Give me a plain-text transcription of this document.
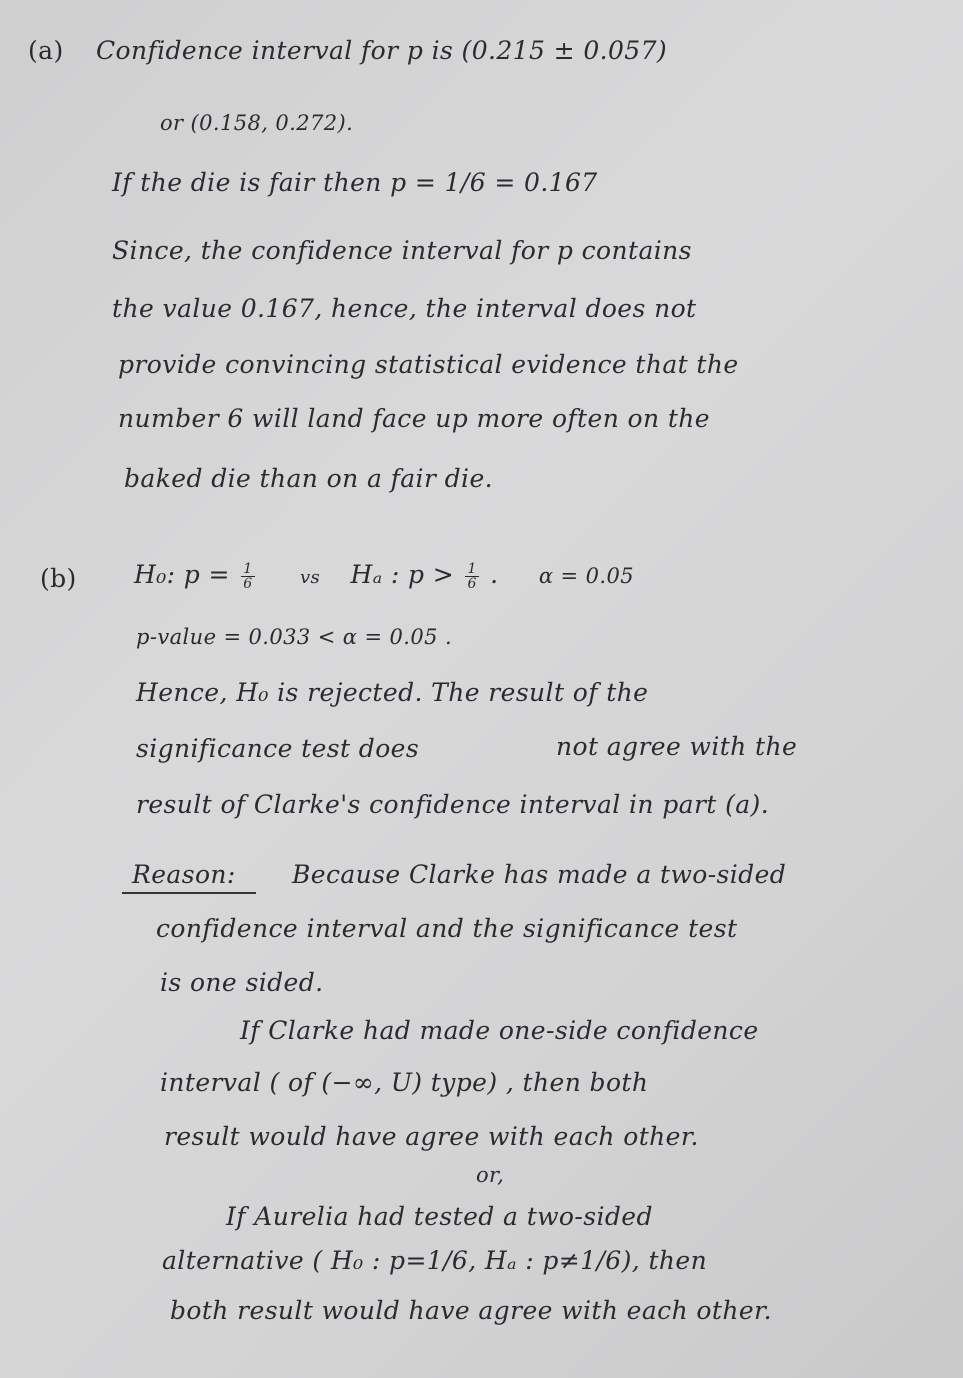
(a) Confidence interval for p is (0.215 ± 0.057)
or (0.158, 0.272).
If the die is fair then p = 1/6 = 0.167
Since, the confidence interval for p contains
the value 0.167, hence, the interval does not
provide convincing statistical evidence that the
number 6 will land face up more often on the
baked die than on a fair die.
(b) H₀: $p = \frac{1}{6}$	vs Hₐ : $p > \frac{1}{6}$ . α = 0.05
p-value = 0.033 < α = 0.05 .
Hence, H₀ is rejected. The result of the
significance test does	not agree with the
result of Clarke's confidence interval in part (a).
Reason: Because Clarke has made a two-sided
confidence interval and the significance test
is one sided.
If Clarke had made one-side confidence
interval ( of (−∞, U) type) , then both
result would have agree with each other.
or,
If Aurelia had tested a two-sided
alternative ( H₀ : p=1/6, Hₐ : p≠1/6), then
both result would have agree with each other.
